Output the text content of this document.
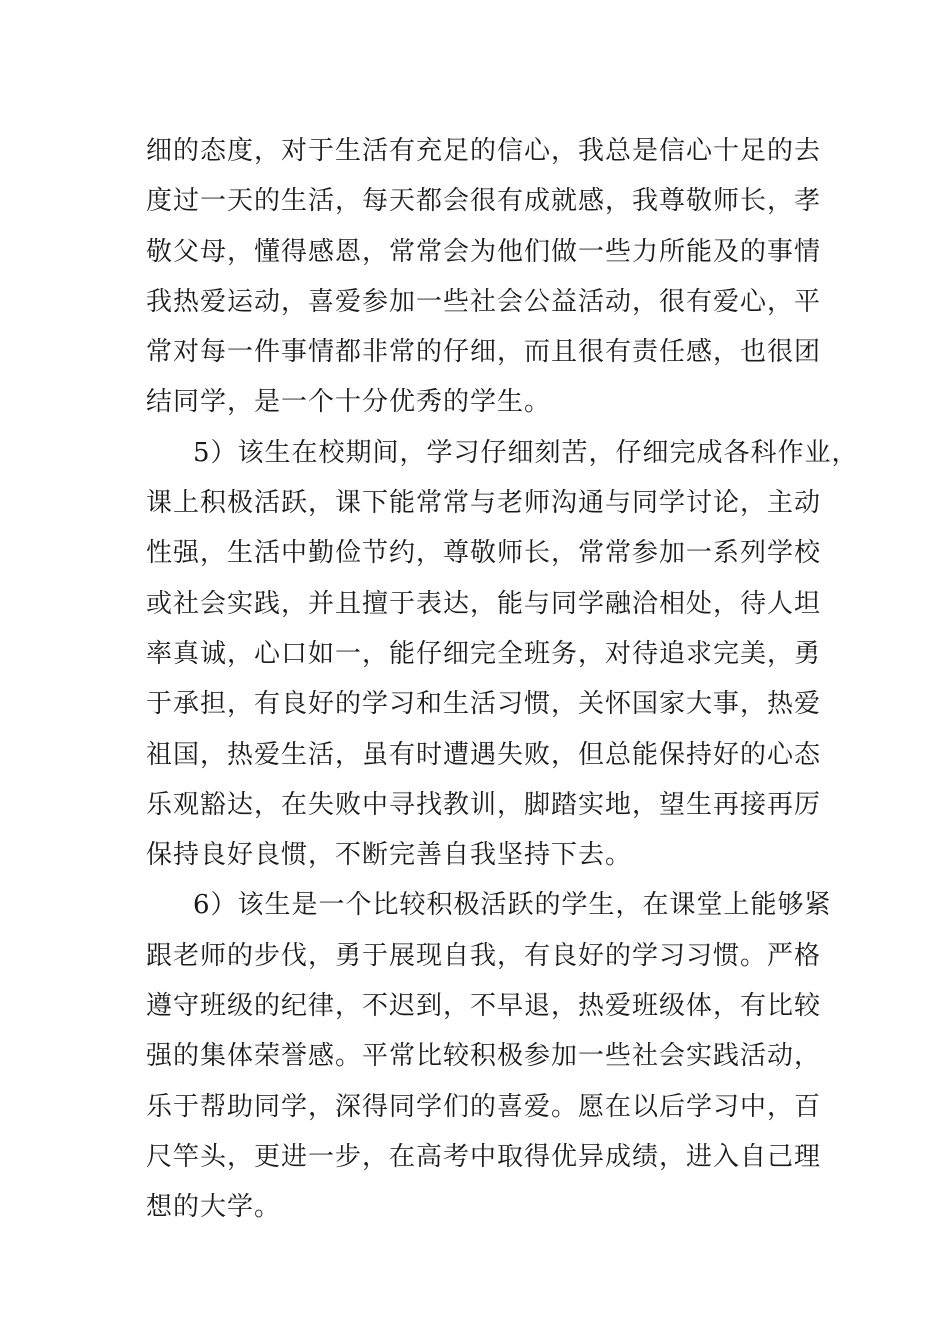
细的态度，对于生活有充足的信心，我总是信心十足的去
度过一天的生活，每天都会很有成就感，我尊敬师长，孝
敬父母，懂得感恩，常常会为他们做一些力所能及的事情
我热爱运动，喜爱参加一些社会公益活动，很有爱心，平
常对每一件事情都非常的仔细，而且很有责任感，也很团
结同学，是一个十分优秀的学生。
5）该生在校期间，学习仔细刻苦，仔细完成各科作业，
课上积极活跃，课下能常常与老师沟通与同学讨论，主动
性强，生活中勤俭节约，尊敬师长，常常参加一系列学校
或社会实践，并且擅于表达，能与同学融洽相处，待人坦
率真诚，心口如一，能仔细完全班务，对待追求完美，勇
于承担，有良好的学习和生活习惯，关怀国家大事，热爱
祖国，热爱生活，虽有时遭遇失败，但总能保持好的心态
乐观豁达，在失败中寻找教训，脚踏实地，望生再接再厉
保持良好良惯，不断完善自我坚持下去。
6）该生是一个比较积极活跃的学生，在课堂上能够紧
跟老师的步伐，勇于展现自我，有良好的学习习惯。严格
遵守班级的纪律，不迟到，不早退，热爱班级体，有比较
强的集体荣誉感。平常比较积极参加一些社会实践活动，
乐于帮助同学，深得同学们的喜爱。愿在以后学习中，百
尺竿头，更进一步，在高考中取得优异成绩，进入自己理
想的大学。
